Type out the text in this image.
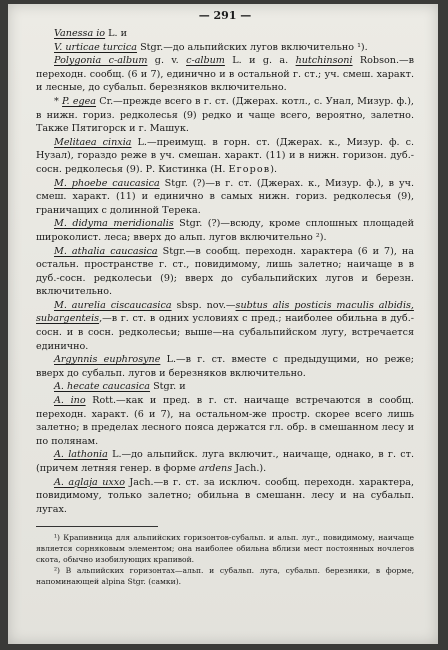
— 291 —

Vanessa io L. и

V. urticae turcica Stgr.—до альпийских лугов включительно ¹).

Polygonia c-album g. v. c-album L. и g. a. hutchinsoni Robson.—в переходн. сообщ. (6 и 7), единично и в остальной г. ст.; уч. смеш. характ. и лесные, до субальп. березняков включительно.

* P. egea Cr.—прежде всего в г. ст. (Джерах. котл., с. Унал, Мизур. ф.), в нижн. гориз. редколесья (9) редко и чаще всего, вероятно, залетно. Также Пятигорск и г. Машук.

Melitaea cinxia L.—преимущ. в горн. ст. (Джерах. к., Мизур. ф. с. Нузал), гораздо реже в уч. смешан. характ. (11) и в нижн. горизон. дуб.-сосн. редколесья (9). Р. Кистинка (Н. Егоров).

M. phoebe caucasica Stgr. (?)—в г. ст. (Джерах. к., Мизур. ф.), в уч. смеш. характ. (11) и единично в самых нижн. гориз. редколесья (9), граничащих с долинной Терека.

M. didyma meridionalis Stgr. (?)—всюду, кроме сплошных площадей широколист. леса; вверх до альп. лугов включительно ²).

M. athalia caucasica Stgr.—в сообщ. переходн. характера (6 и 7), на остальн. пространстве г. ст., повидимому, лишь залетно; наичаще в в дуб.-сосн. редколесьи (9); вверх до субальпийских лугов и березн. включительно.

M. aurelia ciscaucasica sbsp. nov.—subtus alis posticis maculis albidis, subargenteis,—в г. ст. в одних условиях с пред.; наиболее обильна в дуб.-сосн. и в сосн. редколесьи; выше—на субальпийском лугу, встречается единично.

Argynnis euphrosyne L.—в г. ст. вместе с предыдущими, но реже; вверх до субальп. лугов и березняков включительно.

A. hecate caucasica Stgr. и

A. ino Rott.—как и пред. в г. ст. наичаще встречаются в сообщ. переходн. характ. (6 и 7), на остальном-же простр. скорее всего лишь залетно; в пределах лесного пояса держатся гл. обр. в смешанном лесу и по полянам.

A. lathonia L.—до альпийск. луга включит., наичаще, однако, в г. ст. (причем летняя генер. в форме ardens Jach.).

A. aglaja uxxo Jach.—в г. ст. за исключ. сообщ. переходн. характера, повидимому, только залетно; обильна в смешанн. лесу и на субальп. лугах.

¹) Крапивница для альпийских горизонтов-субальп. и альп. луг., повидимому, наичаще является сорняковым элементом; она наиболее обильна вблизи мест постоянных ночлегов скота, обычно изобилующих крапивой.

²) В альпийских горизонтах—альп. и субальп. луга, субальп. березняки, в форме, напоминающей alpina Stgr. (самки).
